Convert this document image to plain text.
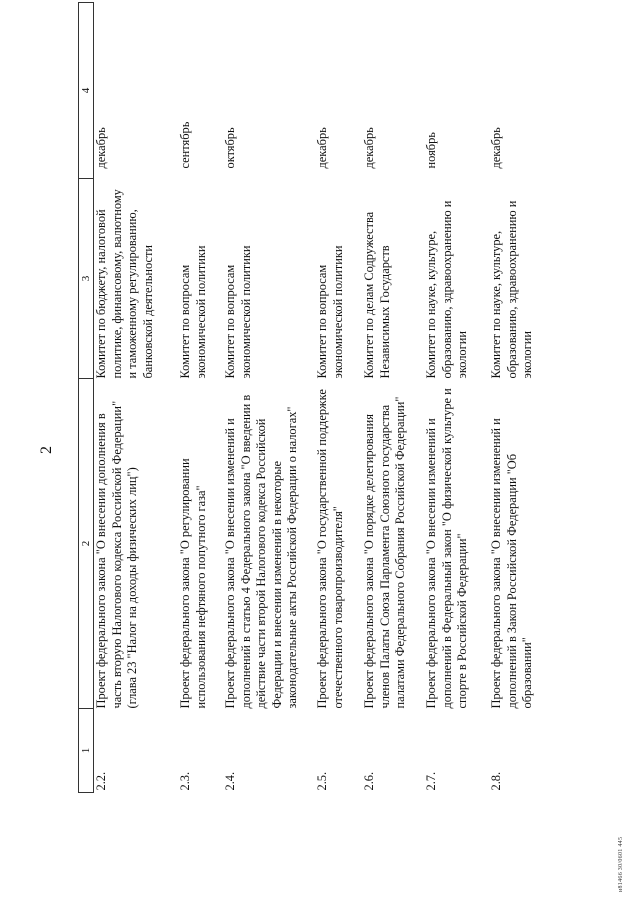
2
1	2	3	4
2.2.	Проект федерального закона "О внесении дополнения в часть вторую Налогового кодекса Российской Федерации" (глава 23 "Налог на доходы физических лиц")	Комитет по бюджету, налоговой политике, финансовому, валютному и таможенному регулированию, банковской деятельности	декабрь
2.3.	Проект федерального закона "О регулировании использования нефтяного попутного газа"	Комитет по вопросам экономической политики	сентябрь
2.4.	Проект федерального закона "О внесении изменений и дополнений в статью 4 Федерального закона "О введении в действие части второй Налогового кодекса Российской Федерации и внесении изменений в некоторые законодательные акты Российской Федерации о налогах"	Комитет по вопросам экономической политики	октябрь
2.5.	Проект федерального закона "О государственной поддержке отечественного товаропроизводителя"	Комитет по вопросам экономической политики	декабрь
2.6.	Проект федерального закона "О порядке делегирования членов Палаты Союза Парламента Союзного государства палатами Федерального Собрания Российской Федерации"	Комитет по делам Содружества Независимых Государств	декабрь
2.7.	Проект федерального закона "О внесении изменений и дополнений в Федеральный закон "О физической культуре и спорте в Российской Федерации"	Комитет по науке, культуре, образованию, здравоохранению и экологии	ноябрь
2.8.	Проект федерального закона "О внесении изменений и дополнений в Закон Российской Федерации "Об образовании"	Комитет по науке, культуре, образованию, здравоохранению и экологии	декабрь
и81466 30/0601 445
